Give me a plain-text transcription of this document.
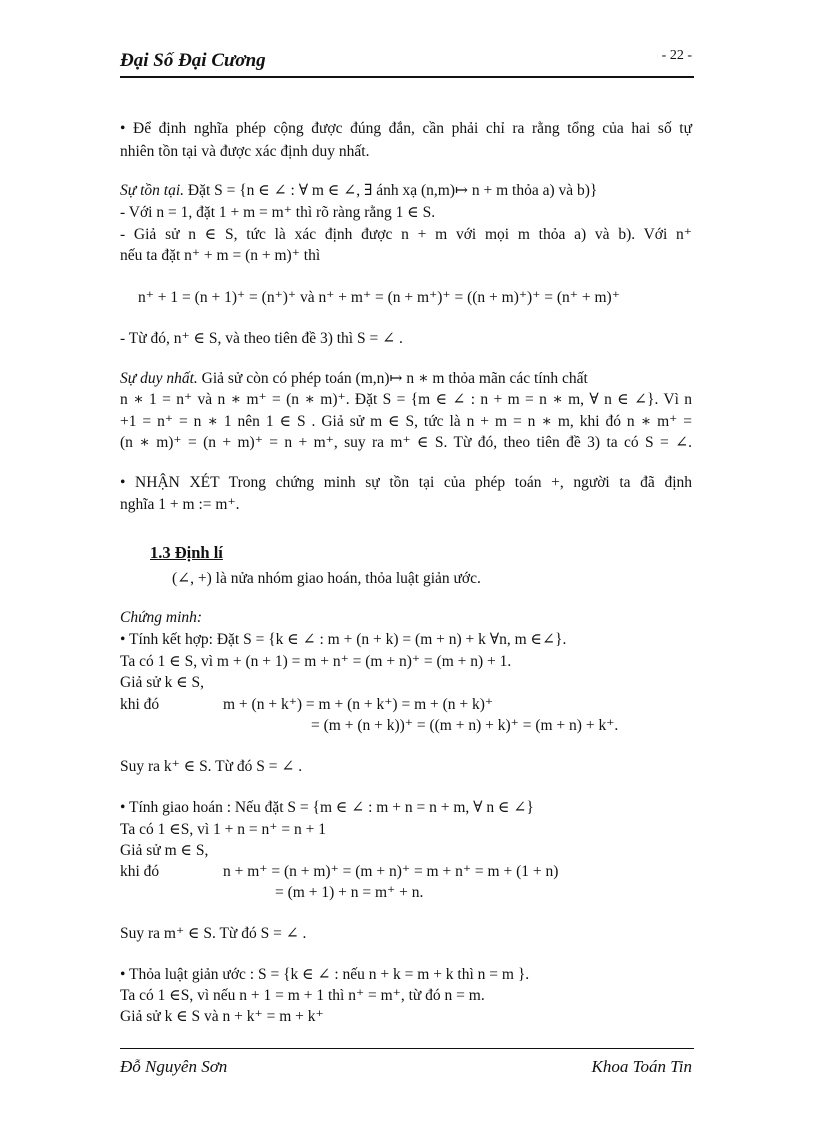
Đại Số Đại Cương	- 22 -
• Để định nghĩa phép cộng được đúng đắn, cần phải chỉ ra rằng tổng của hai số tự
nhiên tồn tại và được xác định duy nhất.
Sự tồn tại. Đặt S = {n ∈ ∠ : ∀ m ∈ ∠, ∃ ánh xạ (n,m)↦ n + m thỏa a) và b)}
- Với n = 1, đặt 1 + m = m⁺ thì rõ ràng rằng 1 ∈ S.
- Giả sử n ∈ S, tức là xác định được n + m với mọi m thỏa a) và b). Với n⁺
nếu ta đặt n⁺ + m = (n + m)⁺ thì
n⁺ + 1 = (n + 1)⁺ = (n⁺)⁺ và n⁺ + m⁺ = (n + m⁺)⁺ = ((n + m)⁺)⁺ = (n⁺ + m)⁺
- Từ đó, n⁺ ∈ S, và theo tiên đề 3) thì S = ∠ .
Sự duy nhất. Giả sử còn có phép toán (m,n)↦ n ∗ m thỏa mãn các tính chất
n ∗ 1 = n⁺ và n ∗ m⁺ = (n ∗ m)⁺. Đặt S = {m ∈ ∠ : n + m = n ∗ m, ∀ n ∈ ∠}. Vì n
+1 = n⁺ = n ∗ 1 nên 1 ∈ S . Giả sử m ∈ S, tức là n + m = n ∗ m, khi đó n ∗ m⁺ =
(n ∗ m)⁺ = (n + m)⁺ = n + m⁺, suy ra m⁺ ∈ S. Từ đó, theo tiên đề 3) ta có S = ∠.
• NHẬN XÉT Trong chứng minh sự tồn tại của phép toán +, người ta đã định
nghĩa 1 + m := m⁺.
1.3 Định lí
(∠, +) là nửa nhóm giao hoán, thỏa luật giản ước.
Chứng minh:
• Tính kết hợp: Đặt S = {k ∈ ∠ : m + (n + k) = (m + n) + k ∀n, m ∈∠}.
Ta có 1 ∈ S, vì m + (n + 1) = m + n⁺ = (m + n)⁺ = (m + n) + 1.
Giả sử k ∈ S,
khi đó	m + (n + k⁺) = m + (n + k⁺) = m + (n + k)⁺
= (m + (n + k))⁺ = ((m + n) + k)⁺ = (m + n) + k⁺.
Suy ra k⁺ ∈ S. Từ đó S = ∠ .
• Tính giao hoán : Nếu đặt S = {m ∈ ∠ : m + n = n + m, ∀ n ∈ ∠}
Ta có 1 ∈S, vì 1 + n = n⁺ = n + 1
Giả sử m ∈ S,
khi đó	n + m⁺ = (n + m)⁺ = (m + n)⁺ = m + n⁺ = m + (1 + n)
= (m + 1) + n = m⁺ + n.
Suy ra m⁺ ∈ S. Từ đó S = ∠ .
• Thỏa luật giản ước : S = {k ∈ ∠ : nếu n + k = m + k thì n = m }.
Ta có 1 ∈S, vì nếu n + 1 = m + 1 thì n⁺ = m⁺, từ đó n = m.
Giả sử k ∈ S và n + k⁺ = m + k⁺
Đỗ Nguyên Sơn	Khoa Toán Tin
